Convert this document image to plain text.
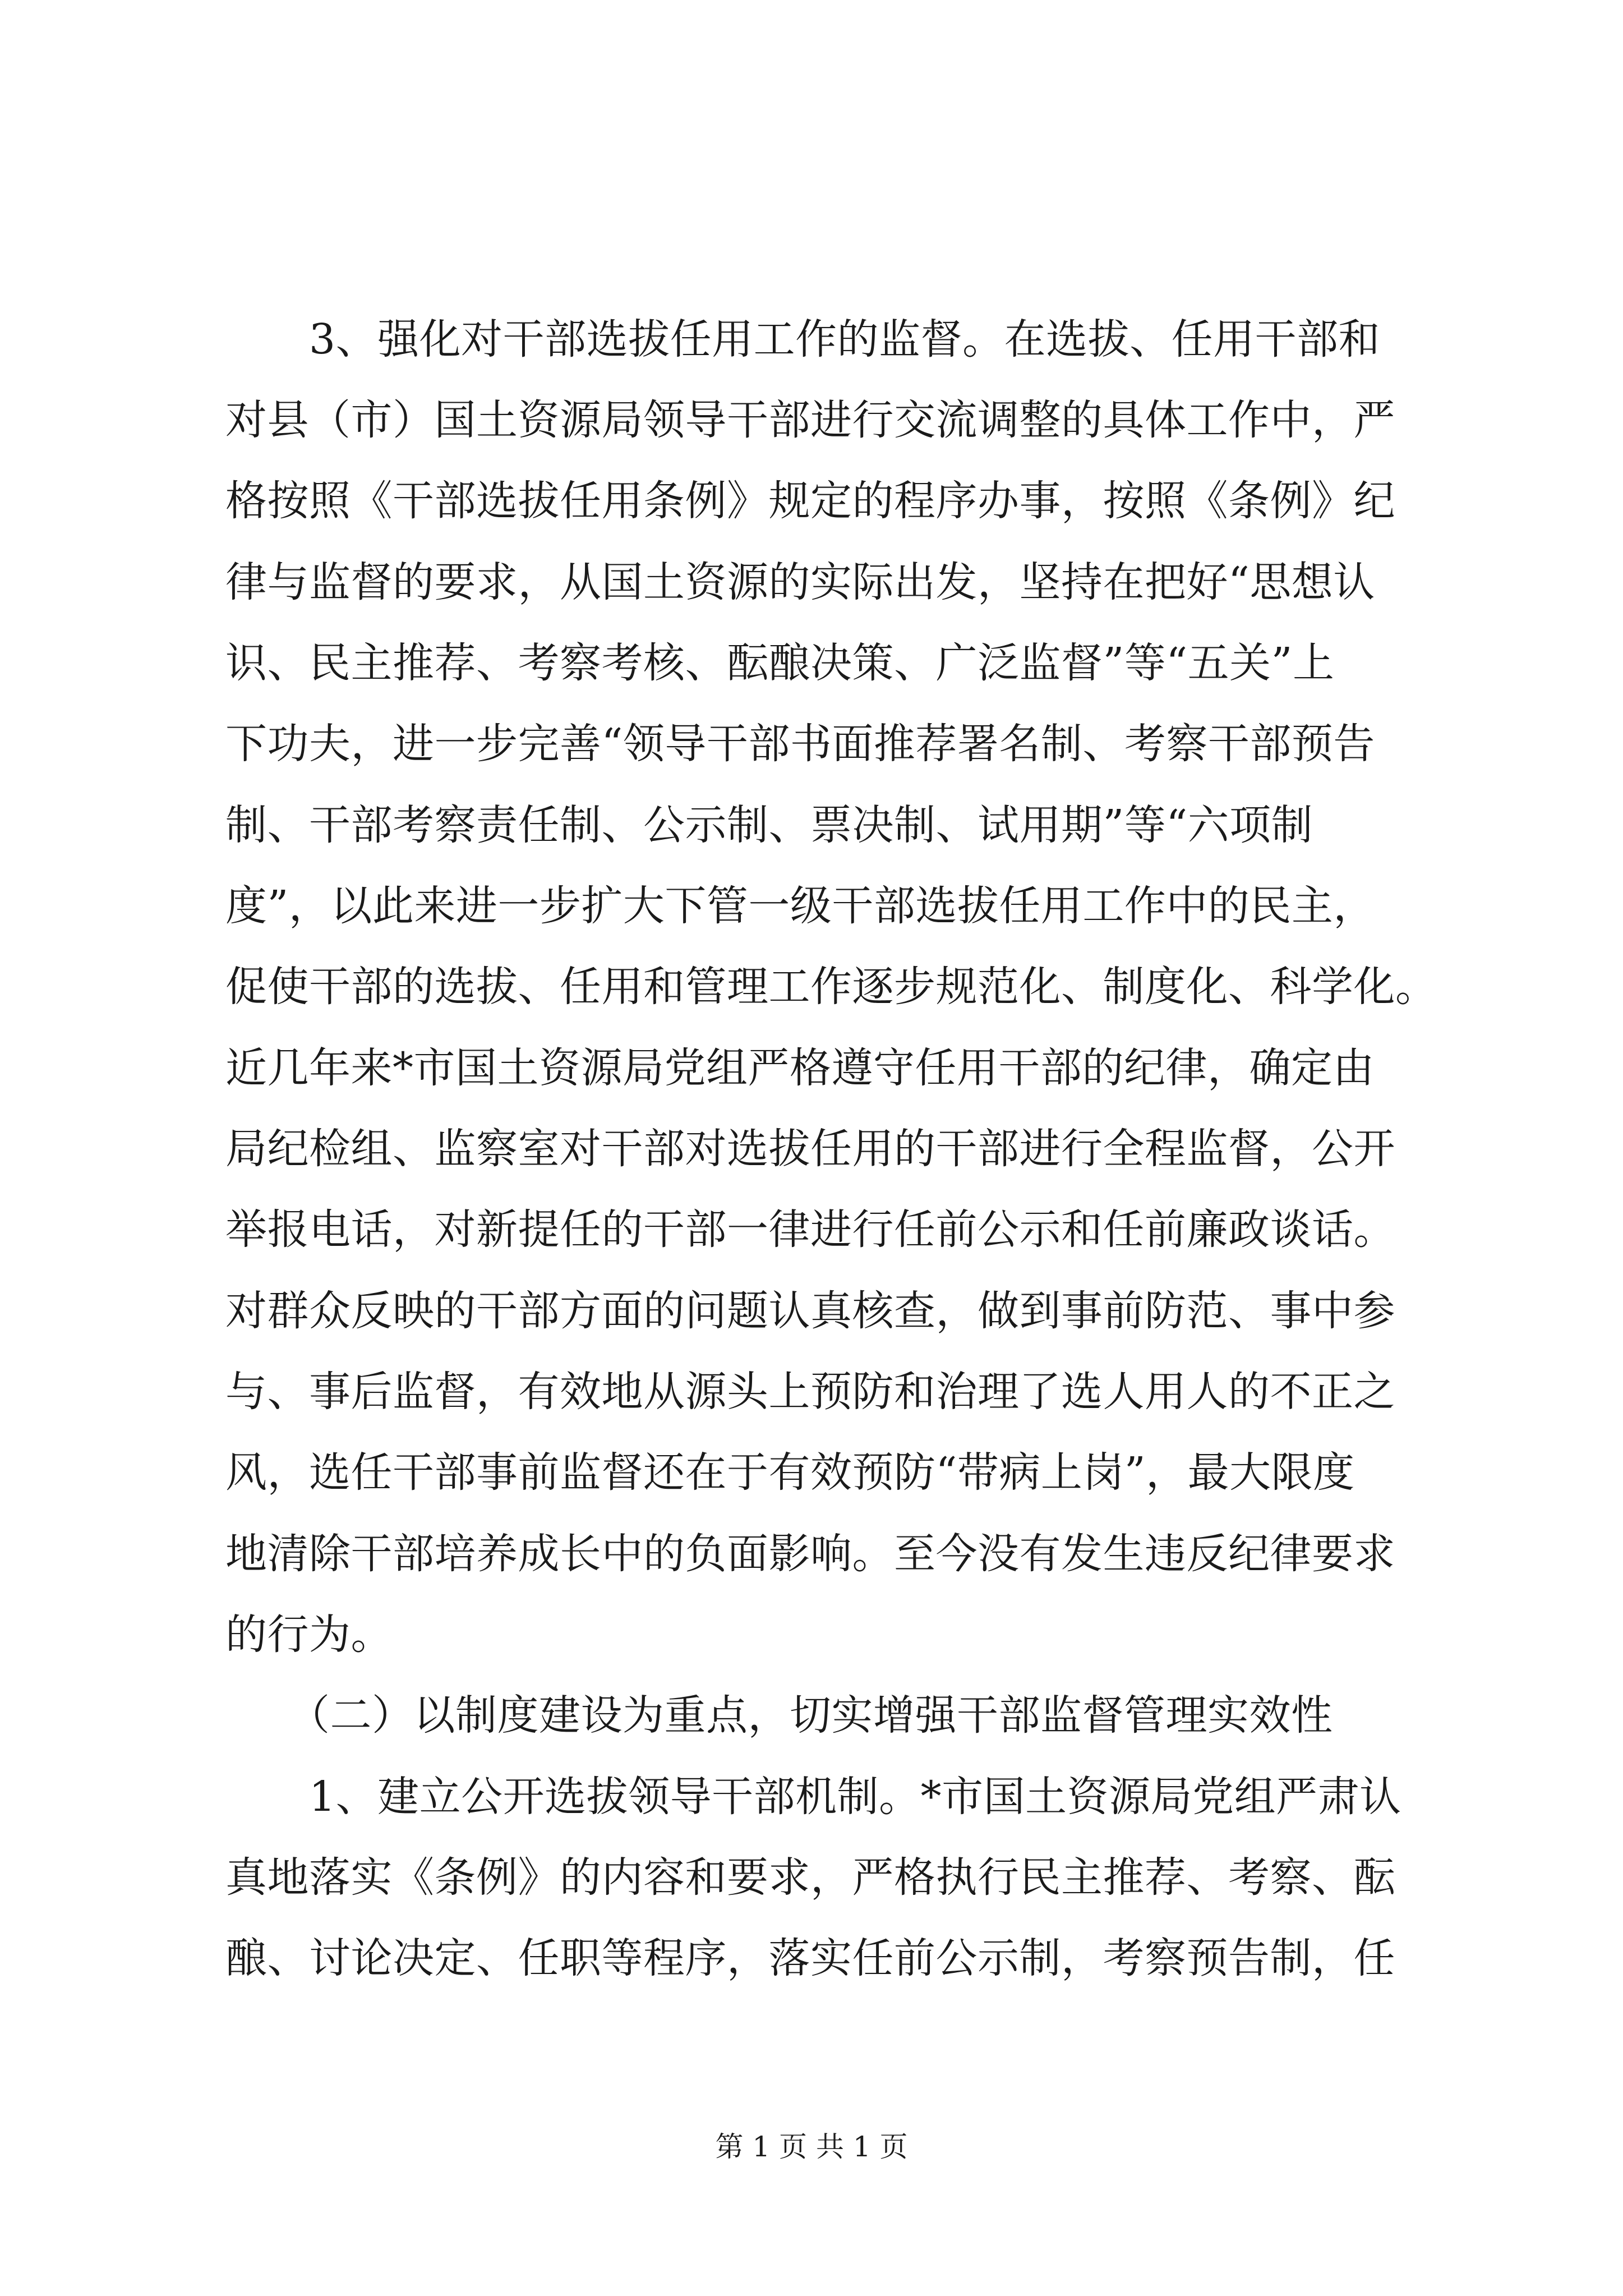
　　3、强化对干部选拔任用工作的监督。在选拔、任用干部和
对县（市）国土资源局领导干部进行交流调整的具体工作中，严
格按照《干部选拔任用条例》规定的程序办事，按照《条例》纪
律与监督的要求，从国土资源的实际出发，坚持在把好“思想认
识、民主推荐、考察考核、酝酿决策、广泛监督”等“五关”上
下功夫，进一步完善“领导干部书面推荐署名制、考察干部预告
制、干部考察责任制、公示制、票决制、试用期”等“六项制
度”，以此来进一步扩大下管一级干部选拔任用工作中的民主，
促使干部的选拔、任用和管理工作逐步规范化、制度化、科学化。
近几年来*市国土资源局党组严格遵守任用干部的纪律，确定由
局纪检组、监察室对干部对选拔任用的干部进行全程监督，公开
举报电话，对新提任的干部一律进行任前公示和任前廉政谈话。
对群众反映的干部方面的问题认真核查，做到事前防范、事中参
与、事后监督，有效地从源头上预防和治理了选人用人的不正之
风，选任干部事前监督还在于有效预防“带病上岗”，最大限度
地清除干部培养成长中的负面影响。至今没有发生违反纪律要求
的行为。
　　（二）以制度建设为重点，切实增强干部监督管理实效性
　　1、建立公开选拔领导干部机制。*市国土资源局党组严肃认
真地落实《条例》的内容和要求，严格执行民主推荐、考察、酝
酿、讨论决定、任职等程序，落实任前公示制，考察预告制，任
第 1 页 共 1 页
